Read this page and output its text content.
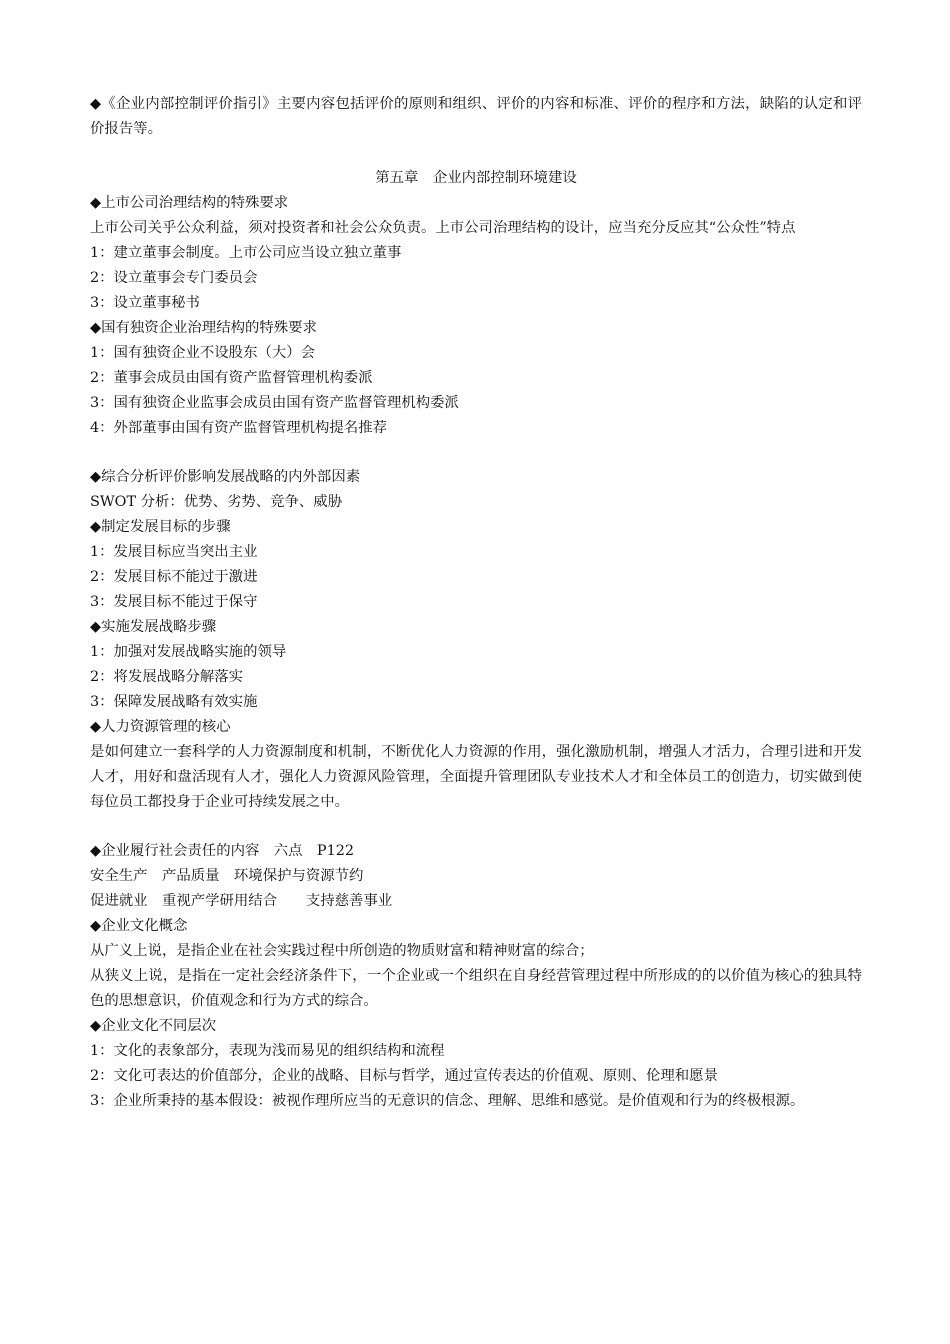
◆《企业内部控制评价指引》主要内容包括评价的原则和组织、评价的内容和标准、评价的程序和方法，缺陷的认定和评价报告等。

第五章　企业内部控制环境建设

◆上市公司治理结构的特殊要求

上市公司关乎公众利益，须对投资者和社会公众负责。上市公司治理结构的设计，应当充分反应其“公众性”特点

1：建立董事会制度。上市公司应当设立独立董事

2：设立董事会专门委员会

3：设立董事秘书

◆国有独资企业治理结构的特殊要求

1：国有独资企业不设股东（大）会

2：董事会成员由国有资产监督管理机构委派

3：国有独资企业监事会成员由国有资产监督管理机构委派

4：外部董事由国有资产监督管理机构提名推荐

◆综合分析评价影响发展战略的内外部因素

SWOT 分析：优势、劣势、竞争、威胁

◆制定发展目标的步骤

1：发展目标应当突出主业

2：发展目标不能过于激进

3：发展目标不能过于保守

◆实施发展战略步骤

1：加强对发展战略实施的领导

2：将发展战略分解落实

3：保障发展战略有效实施

◆人力资源管理的核心

是如何建立一套科学的人力资源制度和机制，不断优化人力资源的作用，强化激励机制，增强人才活力，合理引进和开发人才，用好和盘活现有人才，强化人力资源风险管理，全面提升管理团队专业技术人才和全体员工的创造力，切实做到使每位员工都投身于企业可持续发展之中。

◆企业履行社会责任的内容　六点　P122

安全生产　产品质量　环境保护与资源节约

促进就业　重视产学研用结合　　支持慈善事业

◆企业文化概念

从广义上说，是指企业在社会实践过程中所创造的物质财富和精神财富的综合；

从狭义上说，是指在一定社会经济条件下，一个企业或一个组织在自身经营管理过程中所形成的的以价值为核心的独具特色的思想意识，价值观念和行为方式的综合。

◆企业文化不同层次

1：文化的表象部分，表现为浅而易见的组织结构和流程

2：文化可表达的价值部分，企业的战略、目标与哲学，通过宣传表达的价值观、原则、伦理和愿景

3：企业所秉持的基本假设：被视作理所应当的无意识的信念、理解、思维和感觉。是价值观和行为的终极根源。
